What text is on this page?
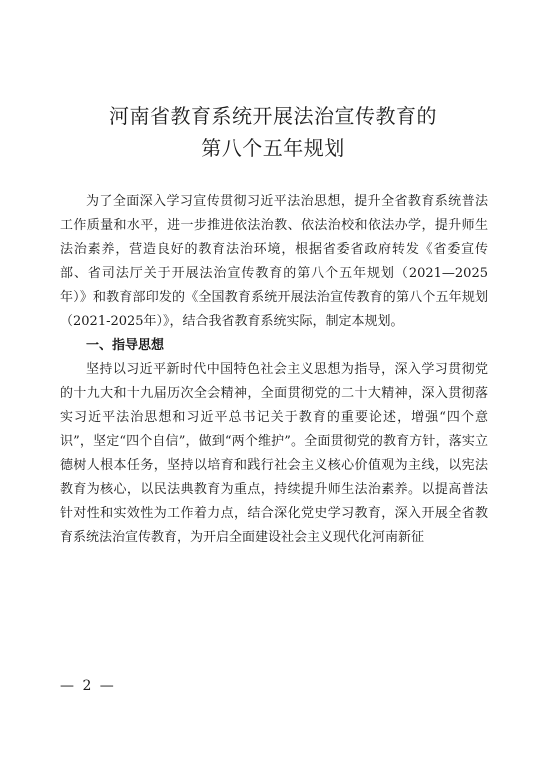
河南省教育系统开展法治宣传教育的
第八个五年规划

为了全面深入学习宣传贯彻习近平法治思想，提升全省教育系统普法工作质量和水平，进一步推进依法治教、依法治校和依法办学，提升师生法治素养，营造良好的教育法治环境，根据省委省政府转发《省委宣传部、省司法厅关于开展法治宣传教育的第八个五年规划（2021—2025年）》和教育部印发的《全国教育系统开展法治宣传教育的第八个五年规划（2021-2025年）》，结合我省教育系统实际，制定本规划。

一、指导思想

坚持以习近平新时代中国特色社会主义思想为指导，深入学习贯彻党的十九大和十九届历次全会精神，全面贯彻党的二十大精神，深入贯彻落实习近平法治思想和习近平总书记关于教育的重要论述，增强“四个意识”，坚定“四个自信”，做到“两个维护”。全面贯彻党的教育方针，落实立德树人根本任务，坚持以培育和践行社会主义核心价值观为主线，以宪法教育为核心，以民法典教育为重点，持续提升师生法治素养。以提高普法针对性和实效性为工作着力点，结合深化党史学习教育，深入开展全省教育系统法治宣传教育，为开启全面建设社会主义现代化河南新征

— 2 —
